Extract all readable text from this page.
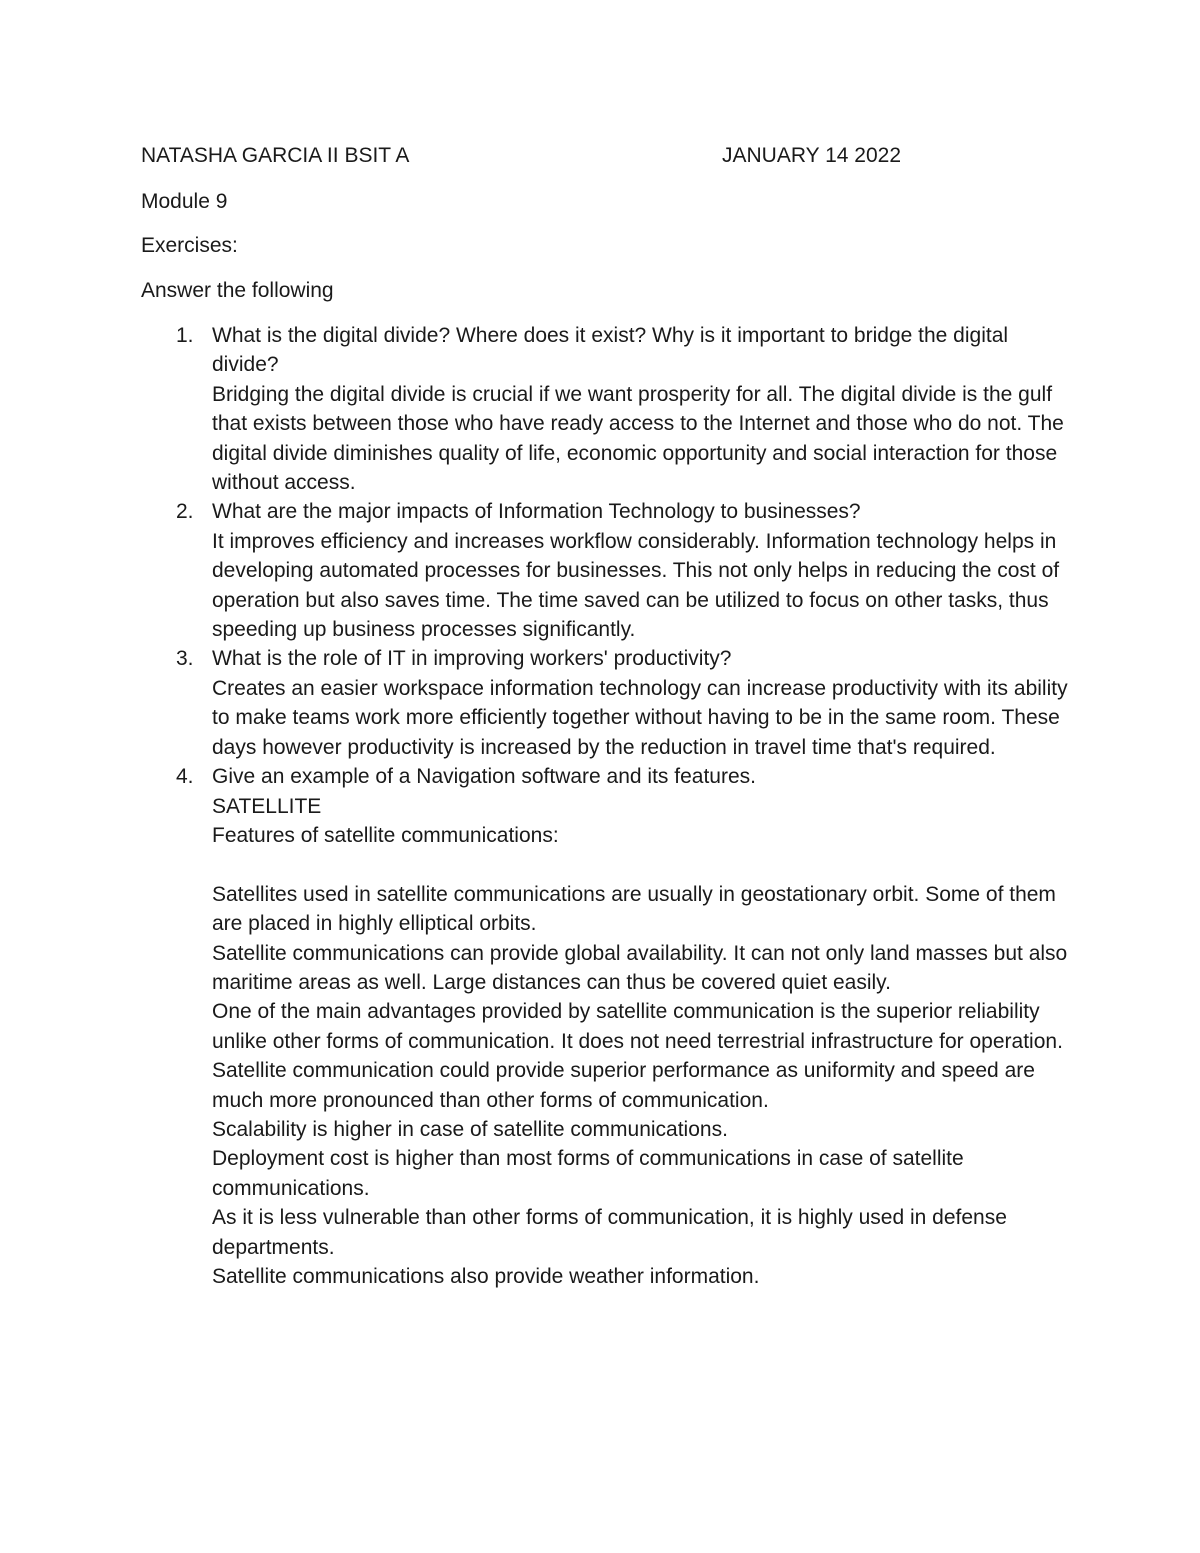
NATASHA GARCIA II BSIT A	JANUARY 14 2022
Module 9
Exercises:
Answer the following
1. What is the digital divide? Where does it exist? Why is it important to bridge the digital divide?
Bridging the digital divide is crucial if we want prosperity for all. The digital divide is the gulf that exists between those who have ready access to the Internet and those who do not. The digital divide diminishes quality of life, economic opportunity and social interaction for those without access.
2. What are the major impacts of Information Technology to businesses?
It improves efficiency and increases workflow considerably. Information technology helps in developing automated processes for businesses. This not only helps in reducing the cost of operation but also saves time. The time saved can be utilized to focus on other tasks, thus speeding up business processes significantly.
3. What is the role of IT in improving workers' productivity?
Creates an easier workspace information technology can increase productivity with its ability to make teams work more efficiently together without having to be in the same room. These days however productivity is increased by the reduction in travel time that's required.
4. Give an example of a Navigation software and its features.
SATELLITE
Features of satellite communications:
Satellites used in satellite communications are usually in geostationary orbit. Some of them are placed in highly elliptical orbits.
Satellite communications can provide global availability. It can not only land masses but also maritime areas as well. Large distances can thus be covered quiet easily.
One of the main advantages provided by satellite communication is the superior reliability unlike other forms of communication. It does not need terrestrial infrastructure for operation.
Satellite communication could provide superior performance as uniformity and speed are much more pronounced than other forms of communication.
Scalability is higher in case of satellite communications.
Deployment cost is higher than most forms of communications in case of satellite communications.
As it is less vulnerable than other forms of communication, it is highly used in defense departments.
Satellite communications also provide weather information.
